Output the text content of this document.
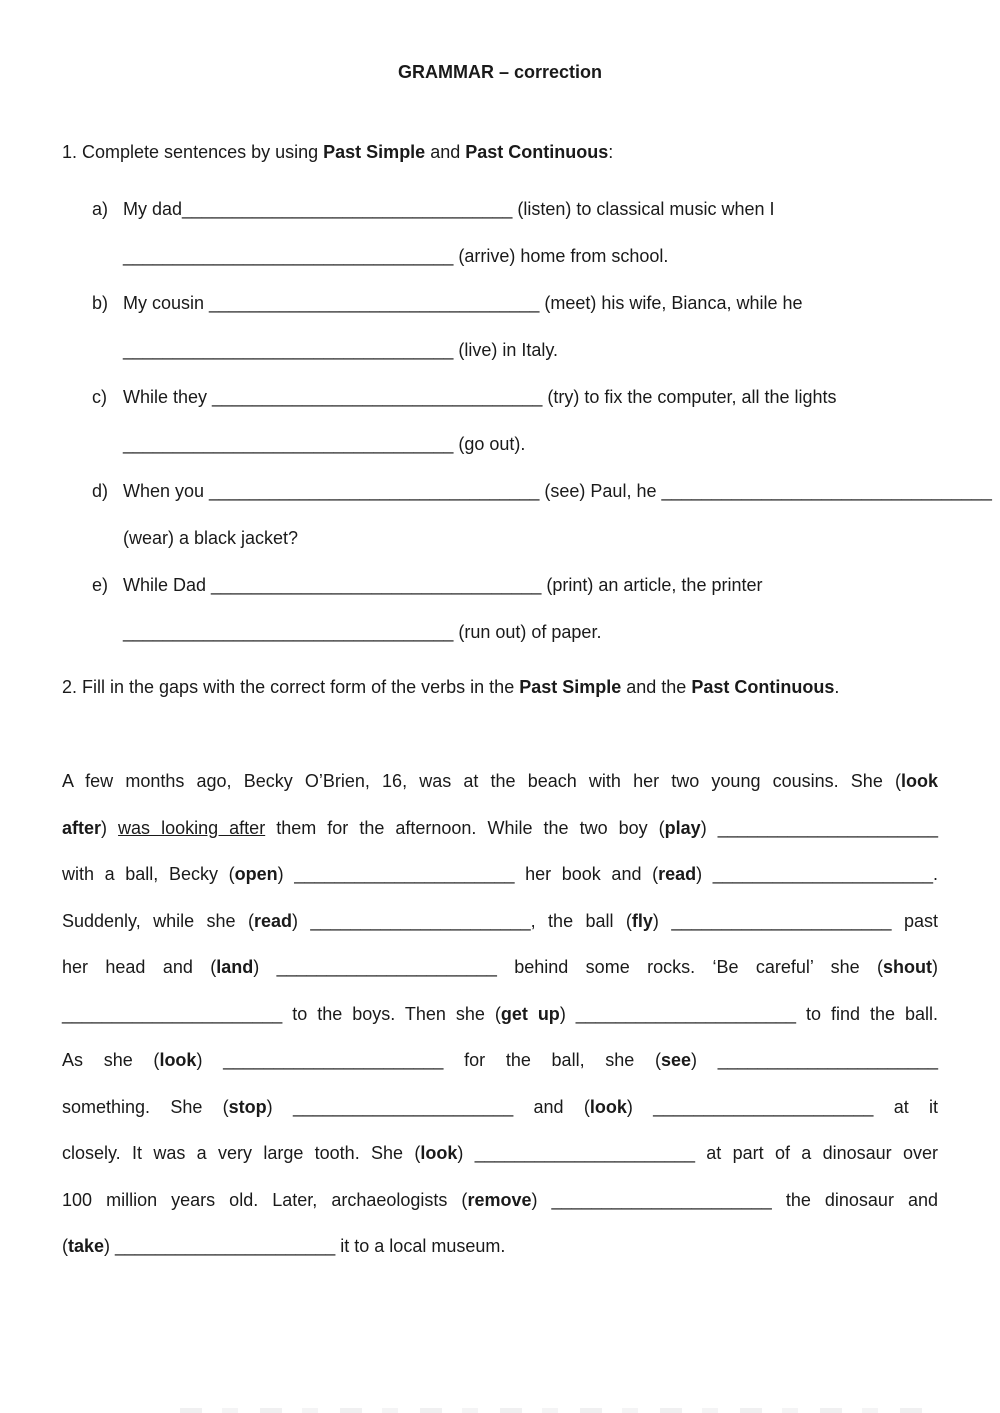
GRAMMAR – correction
1. Complete sentences by using Past Simple and Past Continuous:
a) My dad_________________________________ (listen) to classical music when I
_________________________________ (arrive) home from school.
b) My cousin _________________________________ (meet) his wife, Bianca, while he
_________________________________ (live) in Italy.
c) While they _________________________________ (try) to fix the computer, all the lights
_________________________________ (go out).
d) When you _________________________________ (see) Paul, he _________________________________
(wear) a black jacket?
e) While Dad _________________________________ (print) an article, the printer
_________________________________ (run out) of paper.
2. Fill in the gaps with the correct form of the verbs in the Past Simple and the Past Continuous.
A few months ago, Becky O’Brien, 16, was at the beach with her two young cousins. She (look
after) was looking after them for the afternoon. While the two boy (play) ______________________
with a ball, Becky (open) ______________________ her book and (read) ______________________.
Suddenly, while she (read) ______________________, the ball (fly) ______________________ past
her head and (land) ______________________ behind some rocks. ‘Be careful’ she (shout)
______________________ to the boys. Then she (get up) ______________________ to find the ball.
As she (look) ______________________ for the ball, she (see) ______________________
something. She (stop) ______________________ and (look) ______________________ at it
closely. It was a very large tooth. She (look) ______________________ at part of a dinosaur over
100 million years old. Later, archaeologists (remove) ______________________ the dinosaur and
(take) ______________________ it to a local museum.
